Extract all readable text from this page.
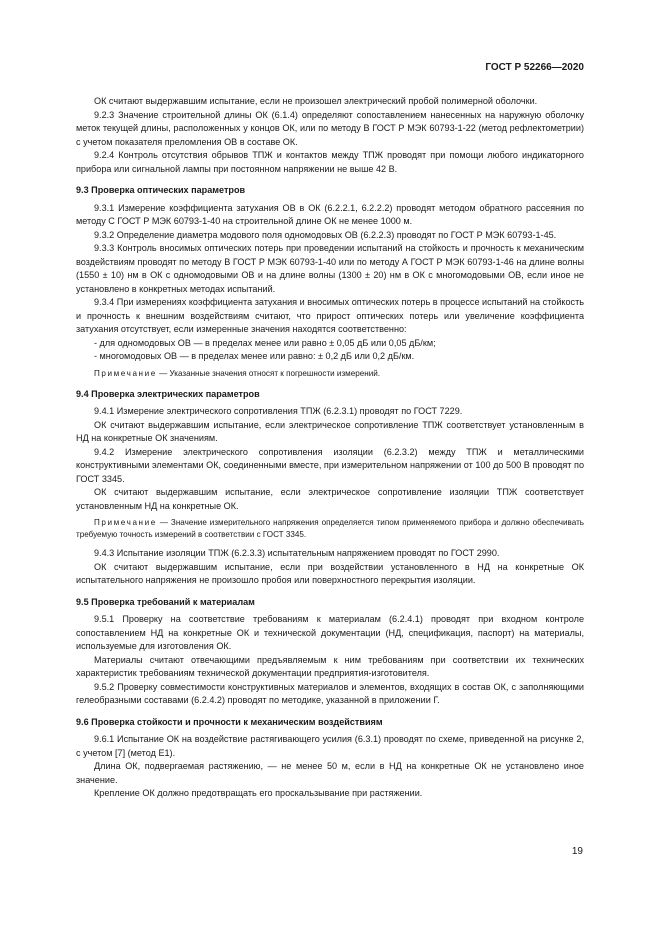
ГОСТ Р 52266—2020
ОК считают выдержавшим испытание, если не произошел электрический пробой полимерной оболочки.
9.2.3 Значение строительной длины ОК (6.1.4) определяют сопоставлением нанесенных на наружную оболочку меток текущей длины, расположенных у концов ОК, или по методу В ГОСТ Р МЭК 60793-1-22 (метод рефлектометрии) с учетом показателя преломления ОВ в составе ОК.
9.2.4 Контроль отсутствия обрывов ТПЖ и контактов между ТПЖ проводят при помощи любого индикаторного прибора или сигнальной лампы при постоянном напряжении не выше 42 В.
9.3 Проверка оптических параметров
9.3.1 Измерение коэффициента затухания ОВ в ОК (6.2.2.1, 6.2.2.2) проводят методом обратного рассеяния по методу С ГОСТ Р МЭК 60793-1-40 на строительной длине ОК не менее 1000 м.
9.3.2 Определение диаметра модового поля одномодовых ОВ (6.2.2.3) проводят по ГОСТ Р МЭК 60793-1-45.
9.3.3 Контроль вносимых оптических потерь при проведении испытаний на стойкость и прочность к механическим воздействиям проводят по методу В ГОСТ Р МЭК 60793-1-40 или по методу А ГОСТ Р МЭК 60793-1-46 на длине волны (1550 ± 10) нм в ОК с одномодовыми ОВ и на длине волны (1300 ± 20) нм в ОК с многомодовыми ОВ, если иное не установлено в конкретных методах испытаний.
9.3.4 При измерениях коэффициента затухания и вносимых оптических потерь в процессе испытаний на стойкость и прочность к внешним воздействиям считают, что прирост оптических потерь или увеличение коэффициента затухания отсутствует, если измеренные значения находятся соответственно:
- для одномодовых ОВ — в пределах менее или равно ± 0,05 дБ или 0,05 дБ/км;
- многомодовых ОВ — в пределах менее или равно: ± 0,2 дБ или 0,2 дБ/км.
Примечание — Указанные значения относят к погрешности измерений.
9.4 Проверка электрических параметров
9.4.1 Измерение электрического сопротивления ТПЖ (6.2.3.1) проводят по ГОСТ 7229.
ОК считают выдержавшим испытание, если электрическое сопротивление ТПЖ соответствует установленным в НД на конкретные ОК значениям.
9.4.2 Измерение электрического сопротивления изоляции (6.2.3.2) между ТПЖ и металлическими конструктивными элементами ОК, соединенными вместе, при измерительном напряжении от 100 до 500 В проводят по ГОСТ 3345.
ОК считают выдержавшим испытание, если электрическое сопротивление изоляции ТПЖ соответствует установленным НД на конкретные ОК.
Примечание — Значение измерительного напряжения определяется типом применяемого прибора и должно обеспечивать требуемую точность измерений в соответствии с ГОСТ 3345.
9.4.3 Испытание изоляции ТПЖ (6.2.3.3) испытательным напряжением проводят по ГОСТ 2990.
ОК считают выдержавшим испытание, если при воздействии установленного в НД на конкретные ОК испытательного напряжения не произошло пробоя или поверхностного перекрытия изоляции.
9.5 Проверка требований к материалам
9.5.1 Проверку на соответствие требованиям к материалам (6.2.4.1) проводят при входном контроле сопоставлением НД на конкретные ОК и технической документации (НД, спецификация, паспорт) на материалы, используемые для изготовления ОК.
Материалы считают отвечающими предъявляемым к ним требованиям при соответствии их технических характеристик требованиям технической документации предприятия-изготовителя.
9.5.2 Проверку совместимости конструктивных материалов и элементов, входящих в состав ОК, с заполняющими гелеобразными составами (6.2.4.2) проводят по методике, указанной в приложении Г.
9.6 Проверка стойкости и прочности к механическим воздействиям
9.6.1 Испытание ОК на воздействие растягивающего усилия (6.3.1) проводят по схеме, приведенной на рисунке 2, с учетом [7] (метод Е1).
Длина ОК, подвергаемая растяжению, — не менее 50 м, если в НД на конкретные ОК не установлено иное значение.
Крепление ОК должно предотвращать его проскальзывание при растяжении.
19
